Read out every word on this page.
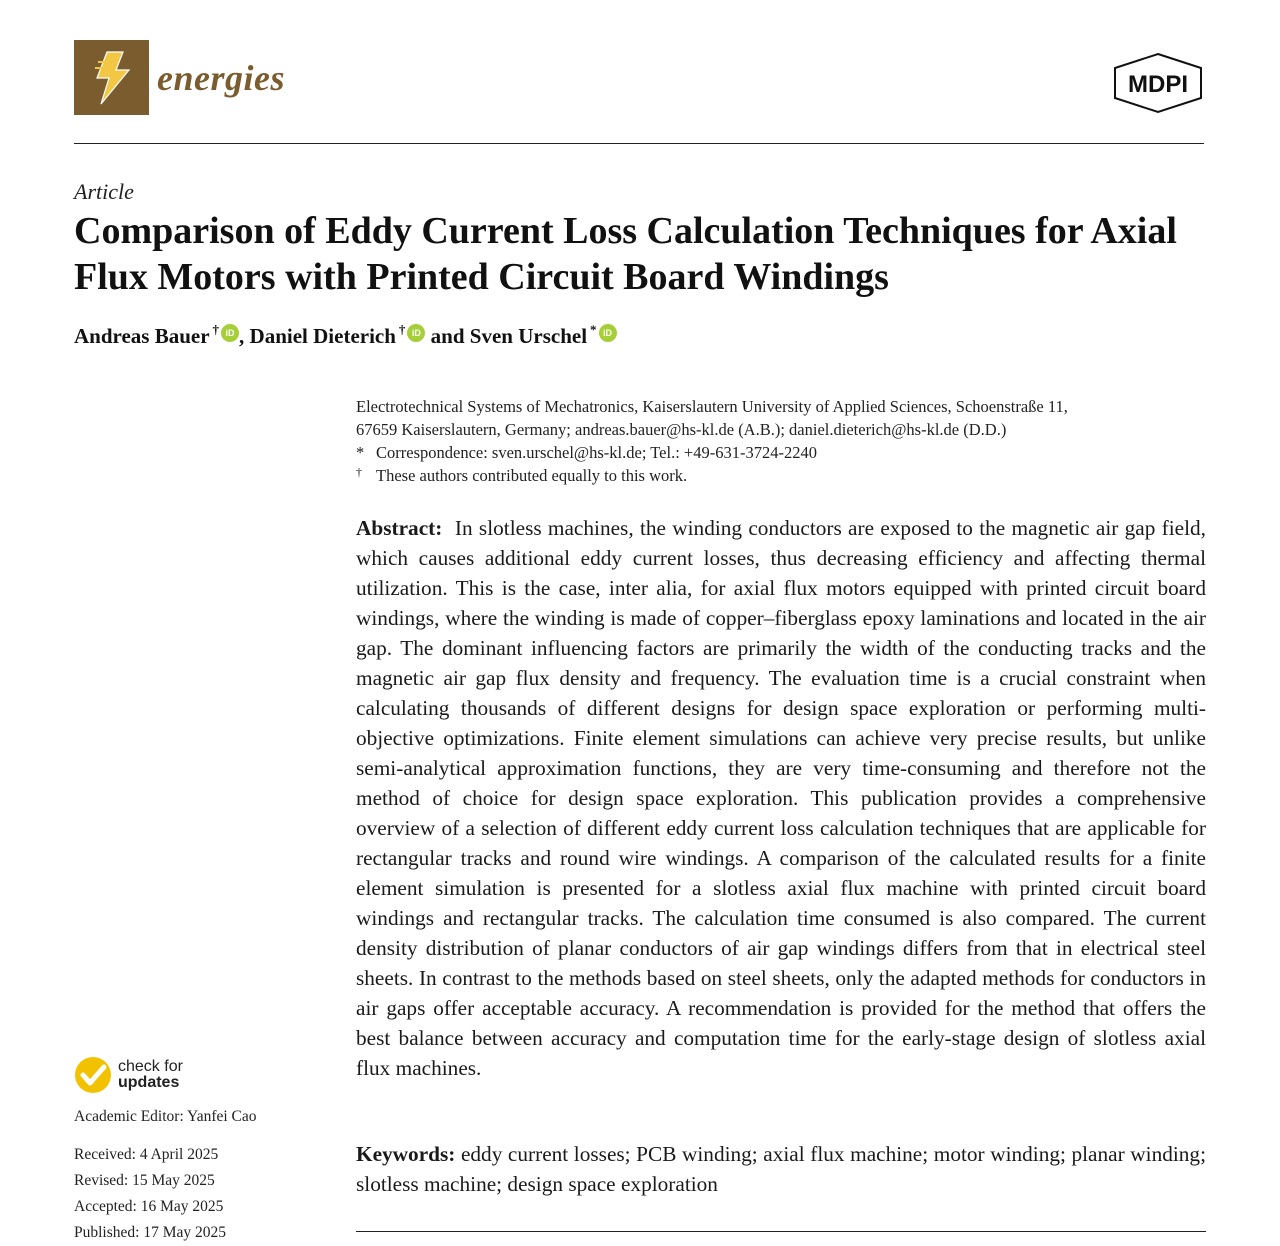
energies	MDPI
Article
Comparison of Eddy Current Loss Calculation Techniques for Axial Flux Motors with Printed Circuit Board Windings
Andreas Bauer† iD , Daniel Dieterich† iD and Sven Urschel* iD
Electrotechnical Systems of Mechatronics, Kaiserslautern University of Applied Sciences, Schoenstraße 11,
67659 Kaiserslautern, Germany; andreas.bauer@hs-kl.de (A.B.); daniel.dieterich@hs-kl.de (D.D.)
* Correspondence: sven.urschel@hs-kl.de; Tel.: +49-631-3724-2240
† These authors contributed equally to this work.

Abstract: In slotless machines, the winding conductors are exposed to the magnetic air gap field, which causes additional eddy current losses, thus decreasing efficiency and affecting thermal utilization. This is the case, inter alia, for axial flux motors equipped with printed circuit board windings, where the winding is made of copper–fiberglass epoxy laminations and located in the air gap. The dominant influencing factors are primarily the width of the conducting tracks and the magnetic air gap flux density and frequency. The evaluation time is a crucial constraint when calculating thousands of different designs for design space exploration or performing multi-objective optimizations. Finite element simulations can achieve very precise results, but unlike semi-analytical approximation functions, they are very time-consuming and therefore not the method of choice for design space exploration. This publication provides a comprehensive overview of a selection of different eddy current loss calculation techniques that are applicable for rectangular tracks and round wire windings. A comparison of the calculated results for a finite element simulation is presented for a slotless axial flux machine with printed circuit board windings and rectangular tracks. The calculation time consumed is also compared. The current density distribution of planar conductors of air gap windings differs from that in electrical steel sheets. In contrast to the methods based on steel sheets, only the adapted methods for conductors in air gaps offer acceptable accuracy. A recommendation is provided for the method that offers the best balance between accuracy and computation time for the early-stage design of slotless axial flux machines.

Keywords: eddy current losses; PCB winding; axial flux machine; motor winding; planar winding; slotless machine; design space exploration

check for
updates
Academic Editor: Yanfei Cao
Received: 4 April 2025
Revised: 15 May 2025
Accepted: 16 May 2025
Published: 17 May 2025
